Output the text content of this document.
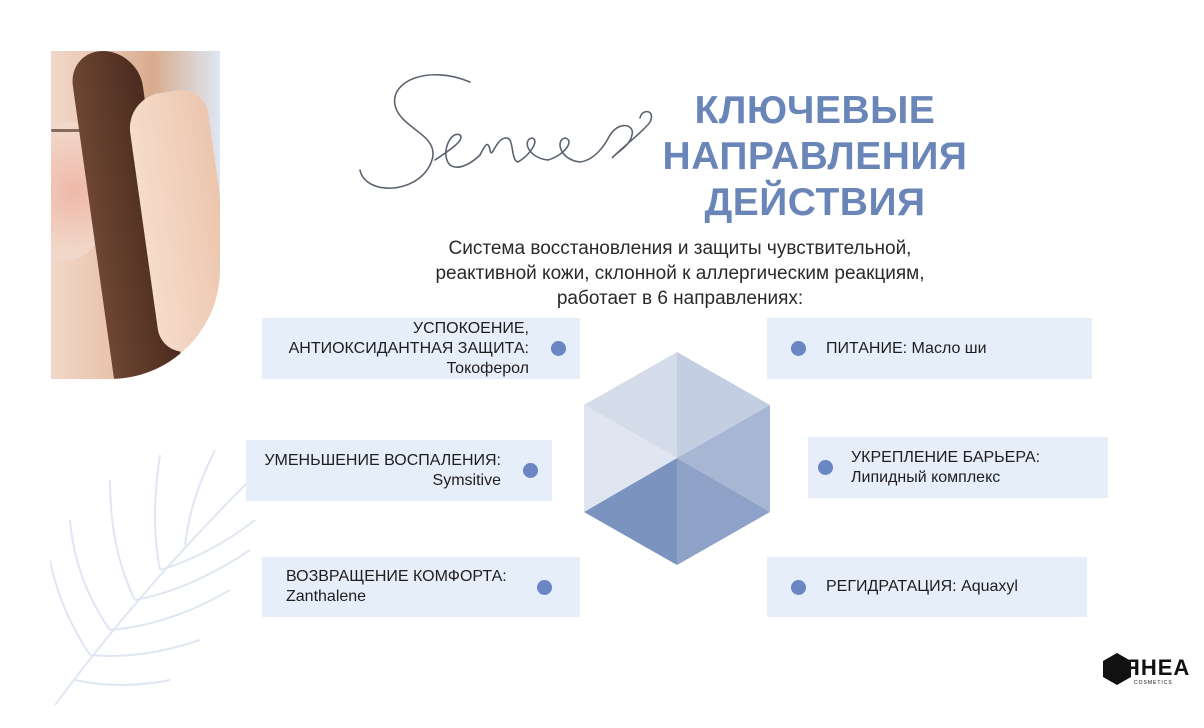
Sense
КЛЮЧЕВЫЕ
НАПРАВЛЕНИЯ
ДЕЙСТВИЯ
Система восстановления и защиты чувствительной,
реактивной кожи, склонной к аллергическим реакциям,
работает в 6 направлениях:
УСПОКОЕНИЕ,
АНТИОКСИДАНТНАЯ ЗАЩИТА:
Токоферол
УМЕНЬШЕНИЕ ВОСПАЛЕНИЯ:
Symsitive
ВОЗВРАЩЕНИЕ КОМФОРТА:
Zanthalene
ПИТАНИЕ: Масло ши
УКРЕПЛЕНИЕ БАРЬЕРА:
Липидный комплекс
РЕГИДРАТАЦИЯ: Aquaxyl
ЯHEA
COSMETICS
